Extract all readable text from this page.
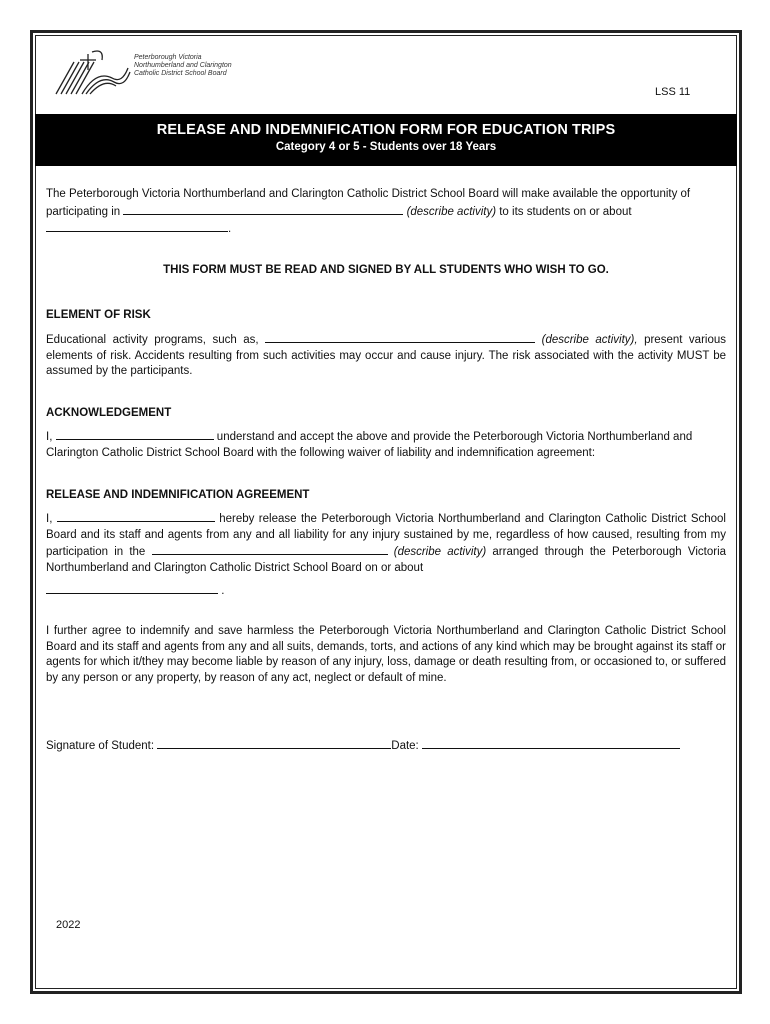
Peterborough Victoria
Northumberland and Clarington
Catholic District School Board
LSS 11
RELEASE AND INDEMNIFICATION FORM FOR EDUCATION TRIPS
Category 4 or 5 - Students over 18 Years
The Peterborough Victoria Northumberland and Clarington Catholic District School Board will make available the opportunity of participating in	(describe activity) to its students on or about
.
THIS FORM MUST BE READ AND SIGNED BY ALL STUDENTS WHO WISH TO GO.
ELEMENT OF RISK
Educational activity programs, such as,	(describe activity), present various elements of risk. Accidents resulting from such activities may occur and cause injury. The risk associated with the activity MUST be assumed by the participants.
ACKNOWLEDGEMENT
I,	understand and accept the above and provide the Peterborough Victoria Northumberland and Clarington Catholic District School Board with the following waiver of liability and indemnification agreement:
RELEASE AND INDEMNIFICATION AGREEMENT
I,	hereby release the Peterborough Victoria Northumberland and Clarington Catholic District School Board and its staff and agents from any and all liability for any injury sustained by me, regardless of how caused, resulting from my participation in the	(describe activity) arranged through the Peterborough Victoria Northumberland and Clarington Catholic District School Board on or about
.
I further agree to indemnify and save harmless the Peterborough Victoria Northumberland and Clarington Catholic District School Board and its staff and agents from any and all suits, demands, torts, and actions of any kind which may be brought against its staff or agents for which it/they may become liable by reason of any injury, loss, damage or death resulting from, or occasioned to, or suffered by any person or any property, by reason of any act, neglect or default of mine.
Signature of Student:	Date:
2022
